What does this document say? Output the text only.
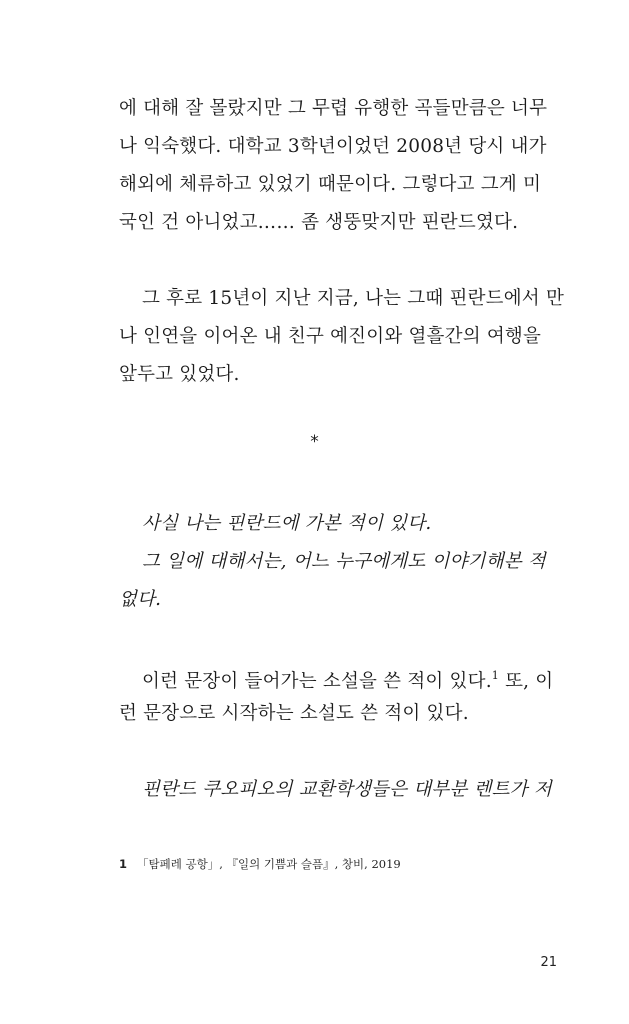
에 대해 잘 몰랐지만 그 무렵 유행한 곡들만큼은 너무
나 익숙했다. 대학교 3학년이었던 2008년 당시 내가
해외에 체류하고 있었기 때문이다. 그렇다고 그게 미
국인 건 아니었고…… 좀 생뚱맞지만 핀란드였다.
그 후로 15년이 지난 지금, 나는 그때 핀란드에서 만
나 인연을 이어온 내 친구 예진이와 열흘간의 여행을
앞두고 있었다.
*
사실 나는 핀란드에 가본 적이 있다.
그 일에 대해서는, 어느 누구에게도 이야기해본 적
없다.
이런 문장이 들어가는 소설을 쓴 적이 있다.$^1$ 또, 이
런 문장으로 시작하는 소설도 쓴 적이 있다.
핀란드 쿠오피오의 교환학생들은 대부분 렌트가 저
1 「탐페레 공항」, 『일의 기쁨과 슬픔』, 창비, 2019
21
